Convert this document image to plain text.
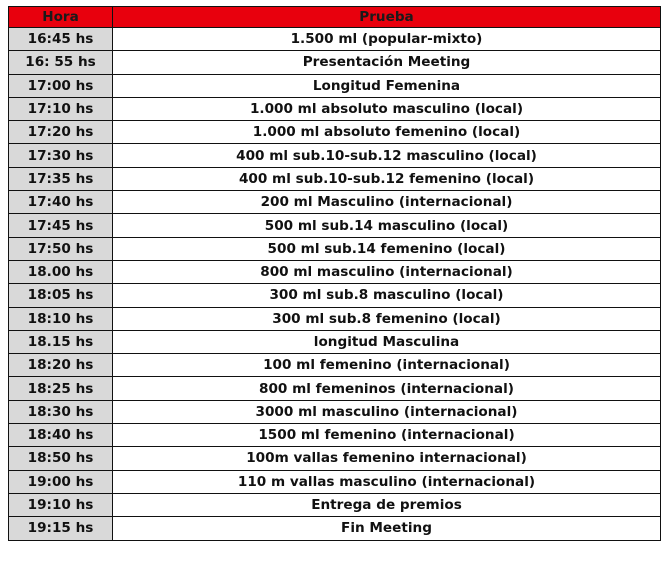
Hora	Prueba
16:45 hs	1.500 ml (popular-mixto)
16: 55 hs	Presentación Meeting
17:00 hs	Longitud Femenina
17:10 hs	1.000 ml absoluto masculino (local)
17:20 hs	1.000 ml absoluto femenino (local)
17:30 hs	400 ml sub.10-sub.12 masculino (local)
17:35 hs	400 ml sub.10-sub.12 femenino (local)
17:40 hs	200 ml Masculino (internacional)
17:45 hs	500 ml sub.14 masculino (local)
17:50 hs	500 ml sub.14 femenino (local)
18.00 hs	800 ml masculino (internacional)
18:05 hs	300 ml sub.8 masculino (local)
18:10 hs	300 ml sub.8 femenino (local)
18.15 hs	longitud Masculina
18:20 hs	100 ml femenino (internacional)
18:25 hs	800 ml femeninos (internacional)
18:30 hs	3000 ml masculino (internacional)
18:40 hs	1500 ml femenino (internacional)
18:50 hs	100m vallas femenino internacional)
19:00 hs	110 m vallas masculino (internacional)
19:10 hs	Entrega de premios
19:15 hs	Fin Meeting
